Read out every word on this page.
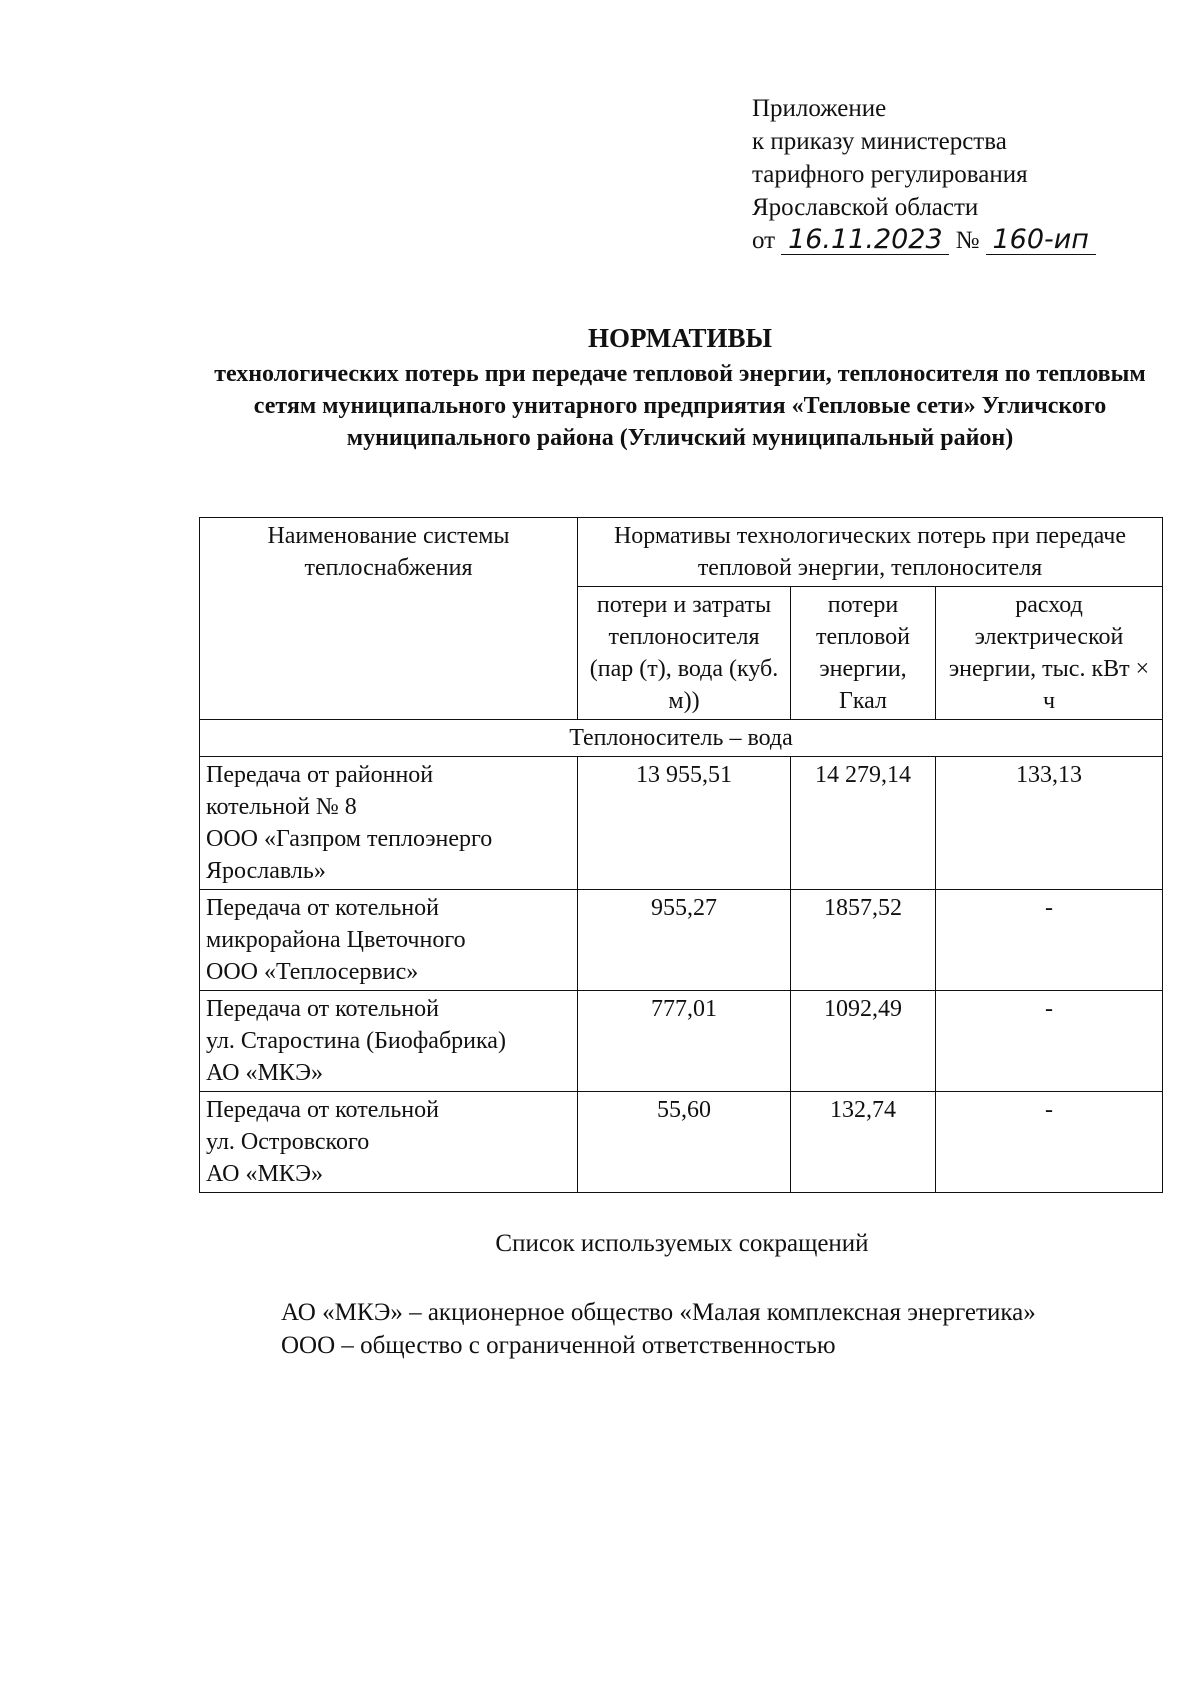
Приложение
к приказу министерства
тарифного регулирования
Ярославской области
от 16.11.2023 № 160-ип
НОРМАТИВЫ
технологических потерь при передаче тепловой энергии, теплоносителя по тепловым сетям муниципального унитарного предприятия «Тепловые сети» Угличского муниципального района (Угличский муниципальный район)
Наименование системы теплоснабжения	Нормативы технологических потерь при передаче тепловой энергии, теплоносителя		
	потери и затраты теплоносителя (пар (т), вода (куб. м))	потери тепловой энергии, Гкал	расход электрической энергии, тыс. кВт × ч
Теплоноситель – вода			

Передача от районной
котельной № 8
ООО «Газпром теплоэнерго
Ярославль»	13 955,51	14 279,14	133,13

Передача от котельной
микрорайона Цветочного
ООО «Теплосервис»	955,27	1857,52	-

Передача от котельной
ул. Старостина (Биофабрика)
АО «МКЭ»	777,01	1092,49	-

Передача от котельной
ул. Островского
АО «МКЭ»	55,60	132,74	-
Список используемых сокращений
АО «МКЭ» – акционерное общество «Малая комплексная энергетика»
ООО – общество с ограниченной ответственностью
